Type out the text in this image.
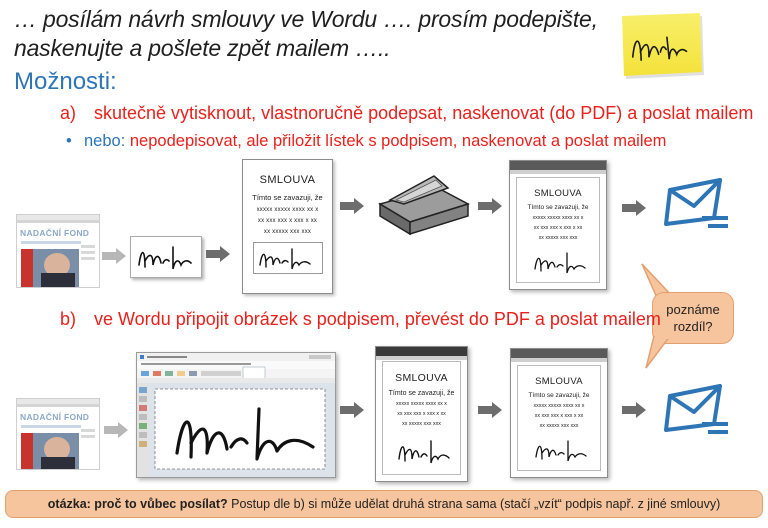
… posílám návrh smlouvy ve Wordu …. prosím podepište,
naskenujte a pošlete zpět mailem …..
Možnosti:
a) skutečně vytisknout, vlastnoručně podepsat, naskenovat (do PDF) a poslat mailem
• nebo: nepodepisovat, ale přiložit lístek s podpisem, naskenovat a poslat mailem
NADAČNÍ FOND
SMLOUVA
Tímto se zavazuji, že
xxxxx xxxxx xxxx xx x
xx xxx xxx x xxx x xx
xx xxxxx xxx xxx
SMLOUVA
Tímto se zavazuji, že
xxxxx xxxxx xxxx xx x
xx xxx xxx x xxx x xx
xx xxxxx xxx xxx
poznáme
rozdíl?
b) ve Wordu připojit obrázek s podpisem, převést do PDF a poslat mailem
NADAČNÍ FOND
SMLOUVA
Tímto se zavazuji, že
xxxxx xxxxx xxxx xx x
xx xxx xxx x xxx x xx
xx xxxxx xxx xxx
SMLOUVA
Tímto se zavazuji, že
xxxxx xxxxx xxxx xx x
xx xxx xxx x xxx x xx
xx xxxxx xxx xxx
otázka: proč to vůbec posílat? Postup dle b) si může udělat druhá strana sama (stačí „vzít“ podpis např. z jiné smlouvy)
